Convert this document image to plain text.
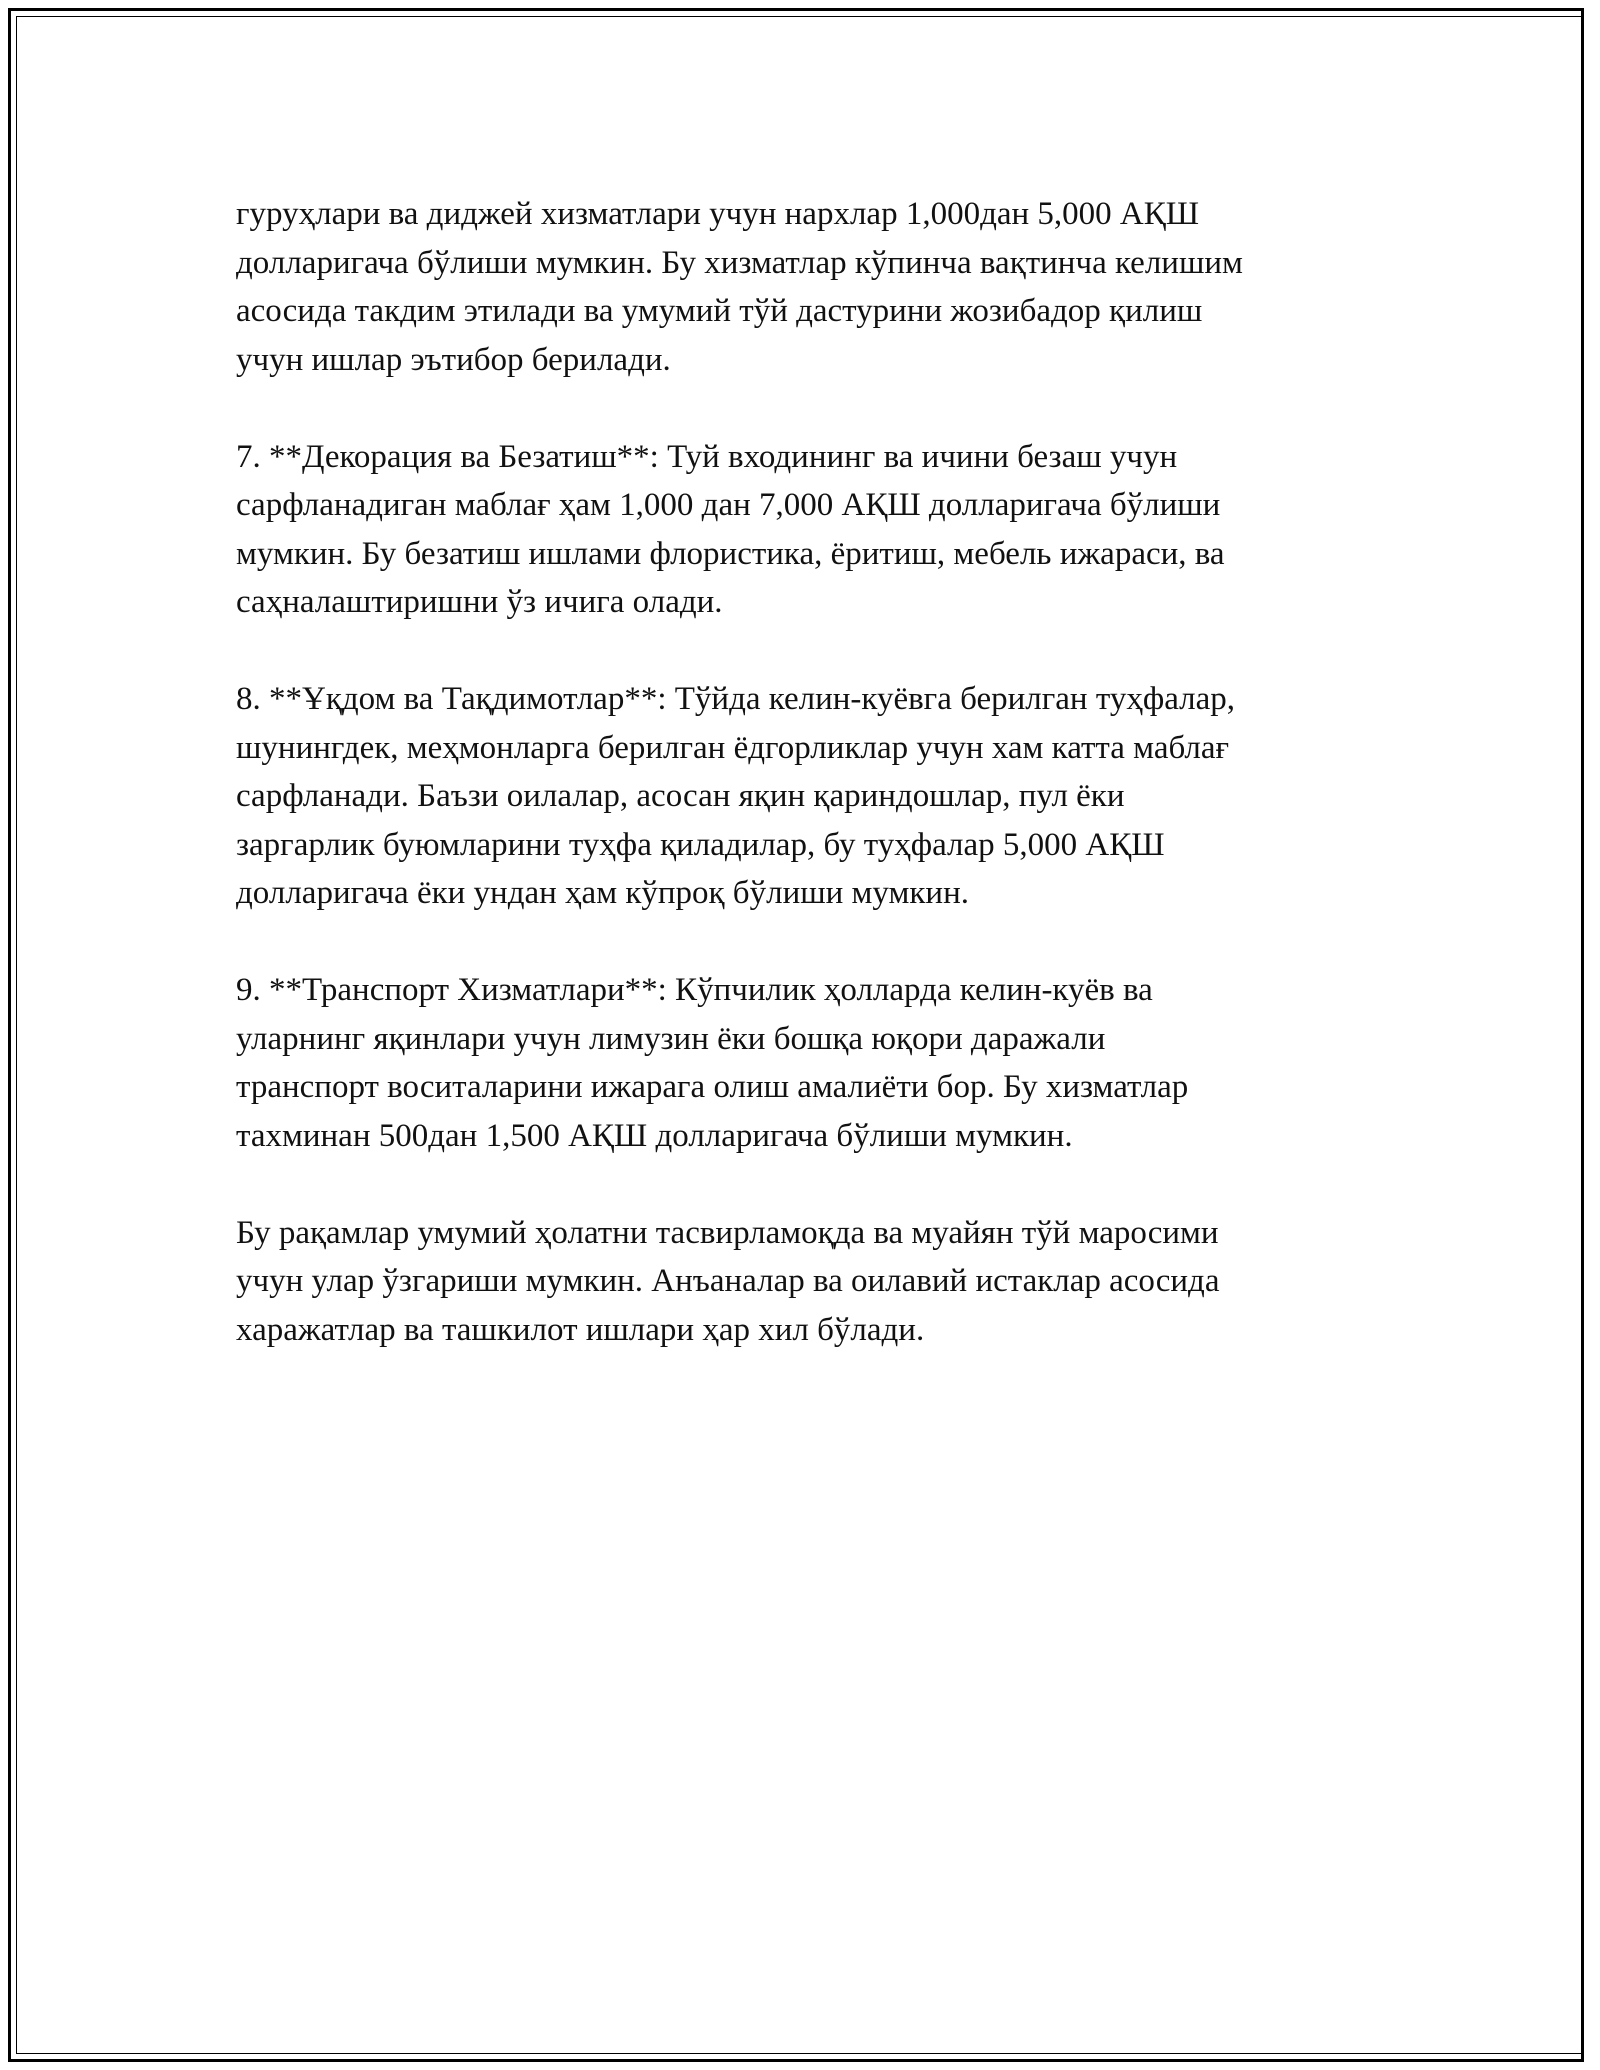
гуруҳлари ва диджей хизматлари учун нархлар 1,000дан 5,000 АҚШ
долларигача бўлиши мумкин. Бу хизматлар кўпинча вақтинча келишим
асосида такдим этилади ва умумий тўй дастурини жозибадор қилиш
учун ишлар эътибор берилади.

7. **Декорация ва Безатиш**: Туй входининг ва ичини безаш учун
сарфланадиган маблағ ҳам 1,000 дан 7,000 АҚШ долларигача бўлиши
мумкин. Бу безатиш ишлами флористика, ёритиш, мебель ижараси, ва
саҳналаштиришни ўз ичига олади.

8. **Ұқдом ва Тақдимотлар**: Тўйда келин-куёвга берилган туҳфалар,
шунингдек, меҳмонларга берилган ёдгорликлар учун хам катта маблағ
сарфланади. Баъзи оилалар, асосан яқин қариндошлар, пул ёки
заргарлик буюмларини туҳфа қиладилар, бу туҳфалар 5,000 АҚШ
долларигача ёки ундан ҳам кўпроқ бўлиши мумкин.

9. **Транспорт Хизматлари**: Кўпчилик ҳолларда келин-куёв ва
уларнинг яқинлари учун лимузин ёки бошқа юқори даражали
транспорт воситаларини ижарага олиш амалиёти бор. Бу хизматлар
тахминан 500дан 1,500 АҚШ долларигача бўлиши мумкин.

Бу рақамлар умумий ҳолатни тасвирламоқда ва муайян тўй маросими
учун улар ўзгариши мумкин. Анъаналар ва оилавий истаклар асосида
харажатлар ва ташкилот ишлари ҳар хил бўлади.
